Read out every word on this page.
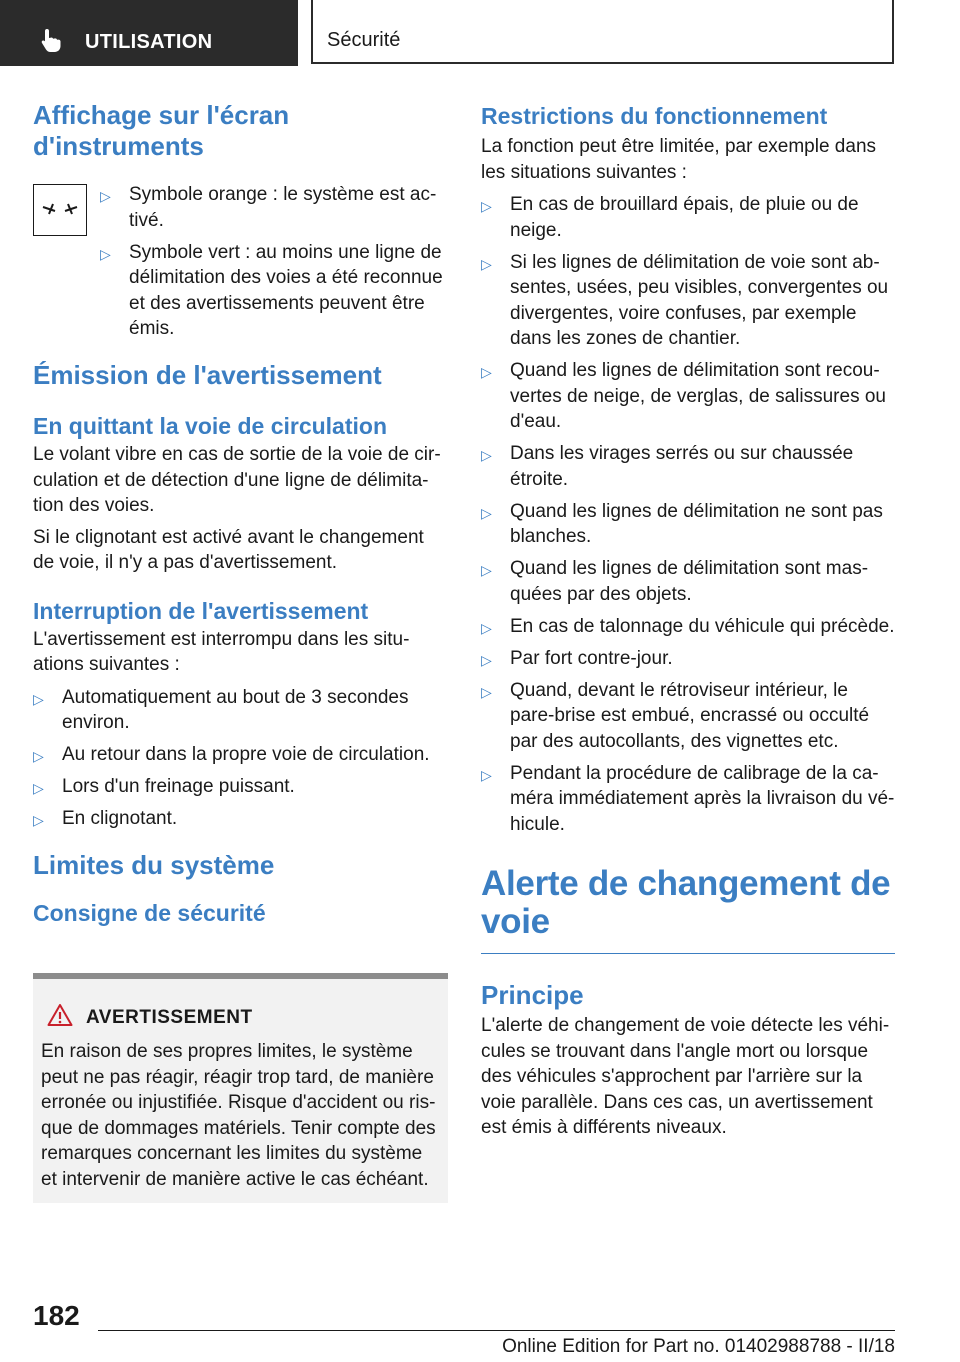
UTILISATION	Sécurité
Affichage sur l'écran d'instruments
▷ Symbole orange : le système est ac‐tivé.
▷ Symbole vert : au moins une ligne de délimitation des voies a été reconnue et des avertissements peuvent être émis.
Émission de l'avertissement
En quittant la voie de circulation

Le volant vibre en cas de sortie de la voie de cir‐culation et de détection d'une ligne de délimita‐tion des voies.

Si le clignotant est activé avant le changement de voie, il n'y a pas d'avertissement.

Interruption de l'avertissement

L'avertissement est interrompu dans les situ‐ations suivantes :

▷ Automatiquement au bout de 3 secondes environ.
▷ Au retour dans la propre voie de circulation.
▷ Lors d'un freinage puissant.
▷ En clignotant.
Limites du système
Consigne de sécurité
AVERTISSEMENT

En raison de ses propres limites, le système peut ne pas réagir, réagir trop tard, de manière erronée ou injustifiée. Risque d'accident ou ris‐que de dommages matériels. Tenir compte des remarques concernant les limites du système et intervenir de manière active le cas échéant.

Restrictions du fonctionnement

La fonction peut être limitée, par exemple dans les situations suivantes :

▷ En cas de brouillard épais, de pluie ou de neige.
▷ Si les lignes de délimitation de voie sont ab‐sentes, usées, peu visibles, convergentes ou divergentes, voire confuses, par exemple dans les zones de chantier.
▷ Quand les lignes de délimitation sont recou‐vertes de neige, de verglas, de salissures ou d'eau.
▷ Dans les virages serrés ou sur chaussée étroite.
▷ Quand les lignes de délimitation ne sont pas blanches.
▷ Quand les lignes de délimitation sont mas‐quées par des objets.
▷ En cas de talonnage du véhicule qui précède.
▷ Par fort contre-jour.
▷ Quand, devant le rétroviseur intérieur, le pare-brise est embué, encrassé ou occulté par des autocollants, des vignettes etc.
▷ Pendant la procédure de calibrage de la ca‐méra immédiatement après la livraison du vé‐hicule.
Alerte de changement de voie
Principe

L'alerte de changement de voie détecte les véhi‐cules se trouvant dans l'angle mort ou lorsque des véhicules s'approchent par l'arrière sur la voie parallèle. Dans ces cas, un avertissement est émis à différents niveaux.

182
Online Edition for Part no. 01402988788 - II/18
